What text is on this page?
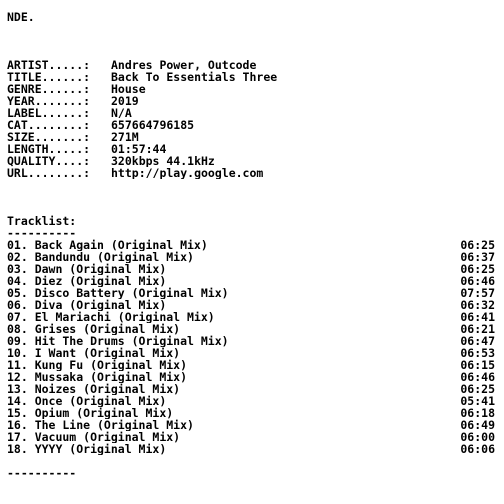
NDE.
ARTIST.....: Andres Power, Outcode
TITLE......: Back To Essentials Three
GENRE......: House
YEAR.......: 2019
LABEL......: N/A
CAT........: 657664796185
SIZE.......: 271M
LENGTH.....: 01:57:44
QUALITY....: 320kbps 44.1kHz
URL........: http://play.google.com
Tracklist:
----------
01. Back Again (Original Mix)	06:25
02. Bandundu (Original Mix)	06:37
03. Dawn (Original Mix)	06:25
04. Diez (Original Mix)	06:46
05. Disco Battery (Original Mix)	07:57
06. Diva (Original Mix)	06:32
07. El Mariachi (Original Mix)	06:41
08. Grises (Original Mix)	06:21
09. Hit The Drums (Original Mix)	06:47
10. I Want (Original Mix)	06:53
11. Kung Fu (Original Mix)	06:15
12. Mussaka (Original Mix)	06:46
13. Noizes (Original Mix)	06:25
14. Once (Original Mix)	05:41
15. Opium (Original Mix)	06:18
16. The Line (Original Mix)	06:49
17. Vacuum (Original Mix)	06:00
18. YYYY (Original Mix)	06:06
----------
